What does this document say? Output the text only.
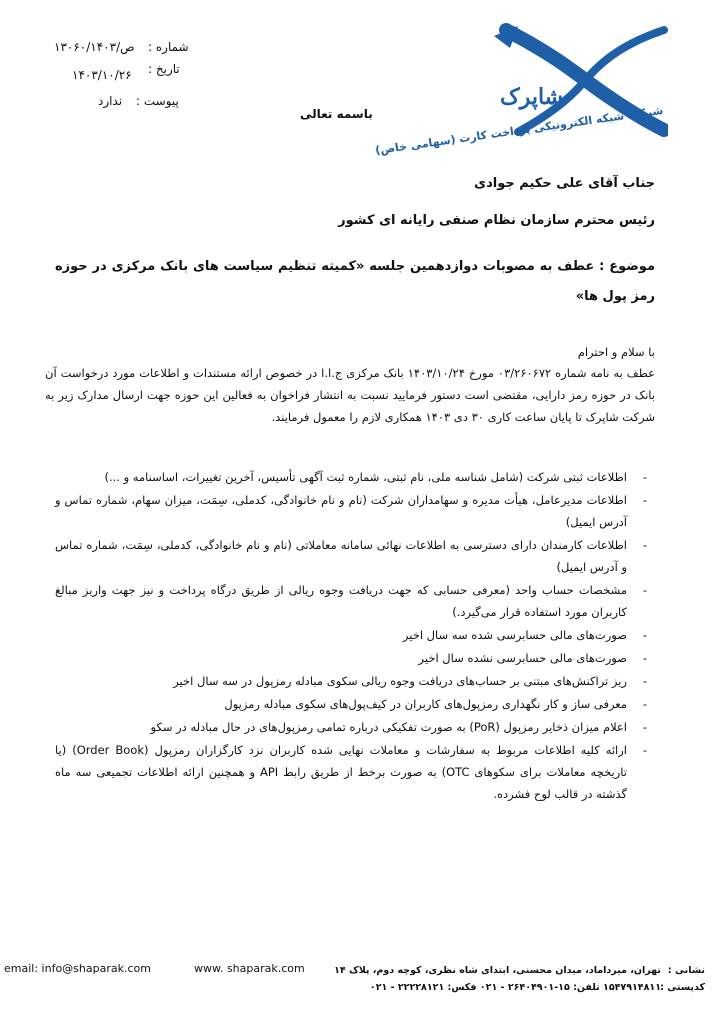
شاپرک
شرکت شبکه الکترونیکی پرداخت کارت (سهامی خاص)
شماره :
۱۳۰۶۰/ص/۱۴۰۳
تاریخ :
۱۴۰۳/۱۰/۲۶
پیوست :
ندارد
باسمه تعالی
جناب آقای علی حکیم جوادی
رئیس محترم سازمان نظام صنفی رایانه ای کشور
موضوع : عطف به مصوبات دوازدهمین جلسه «کمیته تنظیم سیاست های بانک مرکزی در حوزه رمز پول ها»
با سلام و احترام
عطف به نامه شماره ۰۳/۲۶۰۶۷۲ مورخ ۱۴۰۳/۱۰/۲۴ بانک مرکزی ج.ا.ا در خصوص ارائه مستندات و اطلاعات مورد درخواست آن بانک در حوزه رمز دارایی، مقتضی است دستور فرمایید نسبت به انتشار فراخوان به فعالین این حوزه جهت ارسال مدارک زیر به شرکت شاپرک تا پایان ساعت کاری ۳۰ دی ۱۴۰۳ همکاری لازم را معمول فرمایند.
-
اطلاعات ثبتی شرکت (شامل شناسه ملی، نام ثبتی، شماره ثبت آگهی تأسیس، آخرین تغییرات، اساسنامه و ...)
-
اطلاعات مدیرعامل، هیأت مدیره و سهامداران شرکت (نام و نام خانوادگی، کدملی، سِمَت، میزان سهام، شماره تماس و آدرس ایمیل)
-
اطلاعات کارمندان دارای دسترسی به اطلاعات نهائی سامانه معاملاتی (نام و نام خانوادگی، کدملی، سِمَت، شماره تماس و آدرس ایمیل)
-
مشخصات حساب واحد (معرفی حسابی که جهت دریافت وجوه ریالی از طریق درگاه پرداخت و نیز جهت واریز مبالغ کاربران مورد استفاده قرار می‌گیرد.)
-
صورت‌های مالی حسابرسی شده سه سال اخیر
-
صورت‌های مالی حسابرسی نشده سال اخیر
-
ریز تراکنش‌های مبتنی بر حساب‌های دریافت وجوه ریالی سکوی مبادله رمزپول در سه سال اخیر
-
معرفی ساز و کار نگهداری رمزپول‌های کاربران در کیف‌پول‌های سکوی مبادله رمزپول
-
اعلام میزان ذخایر رمزپول (PoR) به صورت تفکیکی درباره تمامی رمزپول‌های در حال مبادله در سکو
-
ارائه کلیه اطلاعات مربوط به سفارشات و معاملات نهایی شده کاربران نزد کارگزاران رمزپول (Order Book) (یا تاریخچه معاملات برای سکوهای OTC) به صورت برخط از طریق رابط API و همچنین ارائه اطلاعات تجمیعی سه ماه گذشته در قالب لوح فشرده.
email: info@shaparak.com	www. shaparak.com	نشانی :
تهران، میرداماد، میدان محسنی، ابتدای شاه نظری، کوچه دوم، پلاک ۱۴
کدپستی :
۱۵۴۷۹۱۴۸۱۱ تلفن: ۱۵-۲۶۴۰۴۹۰۱ - ۰۲۱ فکس: ۲۲۲۲۸۱۲۱ - ۰۲۱
